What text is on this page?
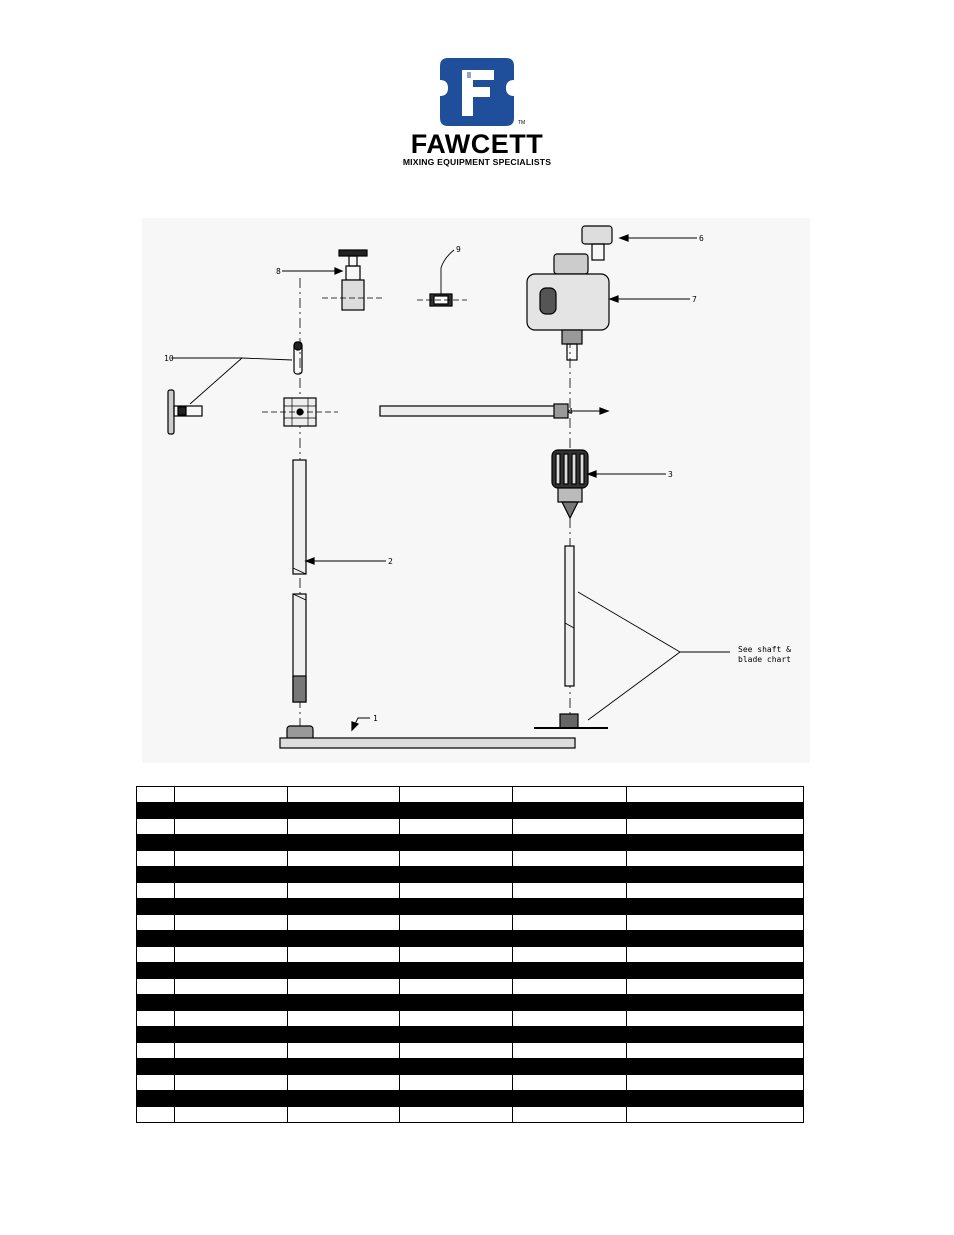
TM
FAWCETT
MIXING EQUIPMENT SPECIALISTS
1
2
3
4
6
7
8
9
10
See shaft &
blade chart
